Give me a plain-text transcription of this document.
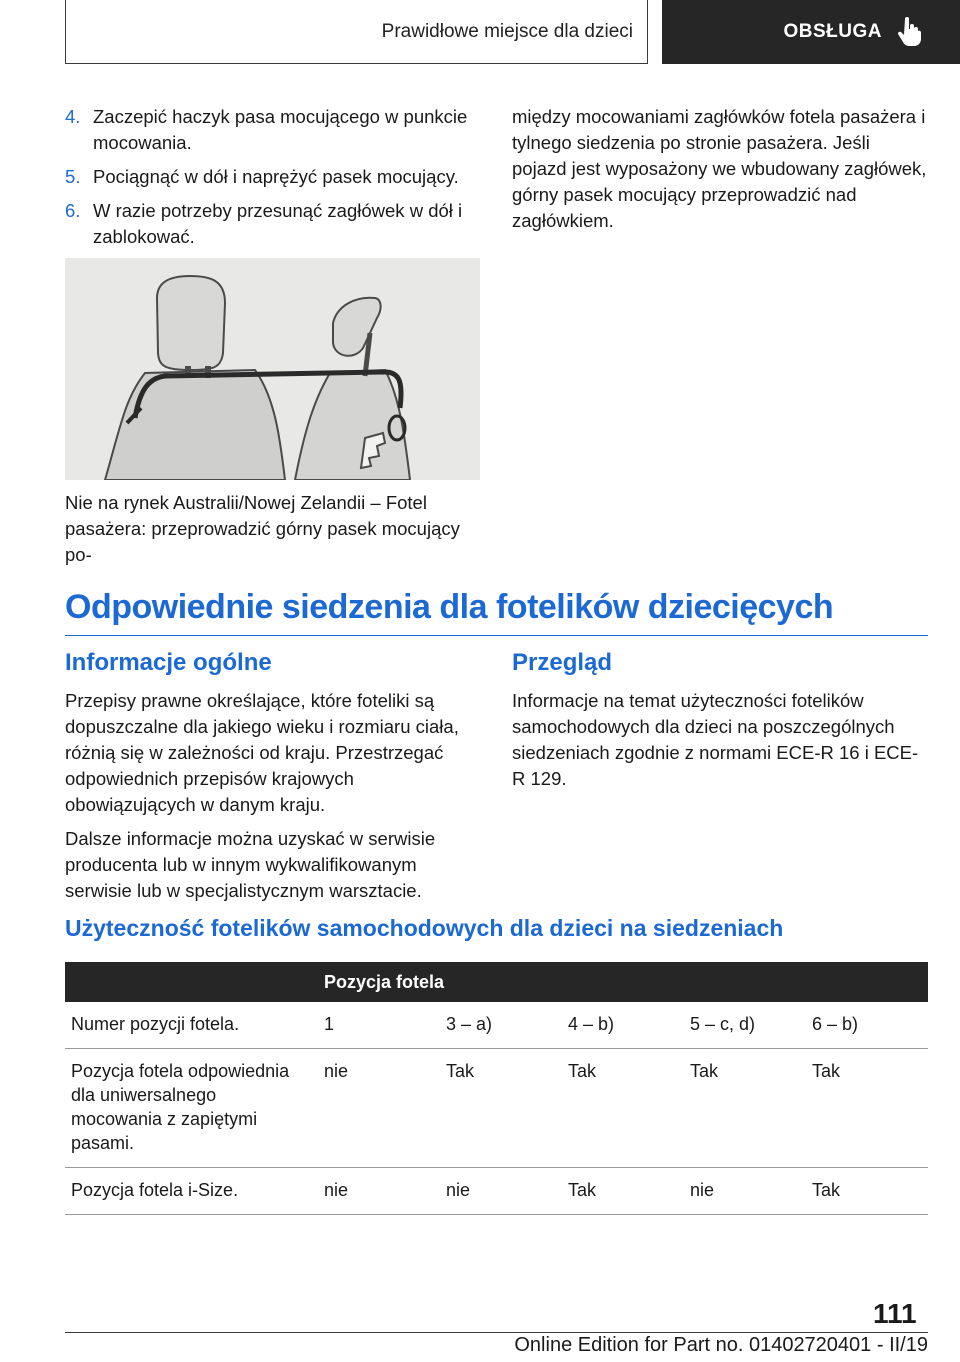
Prawidłowe miejsce dla dzieci	OBSŁUGA
4. Zaczepić haczyk pasa mocującego w punkcie mocowania.
5. Pociągnąć w dół i naprężyć pasek mocujący.
6. W razie potrzeby przesunąć zagłówek w dół i zablokować.
Nie na rynek Australii/Nowej Zelandii – Fotel pasażera: przeprowadzić górny pasek mocujący po-
między mocowaniami zagłówków fotela pasażera i tylnego siedzenia po stronie pasażera. Jeśli pojazd jest wyposażony we wbudowany zagłówek, górny pasek mocujący przeprowadzić nad zagłówkiem.
Odpowiednie siedzenia dla fotelików dziecięcych
Informacje ogólne

Przepisy prawne określające, które foteliki są dopuszczalne dla jakiego wieku i rozmiaru ciała, różnią się w zależności od kraju. Przestrzegać odpowiednich przepisów krajowych obowiązujących w danym kraju.

Dalsze informacje można uzyskać w serwisie producenta lub w innym wykwalifikowanym serwisie lub w specjalistycznym warsztacie.

Przegląd

Informacje na temat użyteczności fotelików samochodowych dla dzieci na poszczególnych siedzeniach zgodnie z normami ECE-R 16 i ECE-R 129.

Użyteczność fotelików samochodowych dla dzieci na siedzeniach
	Pozycja fotela				
Numer pozycji fotela.	1	3 – a)	4 – b)	5 – c, d)	6 – b)
Pozycja fotela odpowiednia dla uniwersalnego mocowania z zapiętymi pasami.	nie	Tak	Tak	Tak	Tak
Pozycja fotela i-Size.	nie	nie	Tak	nie	Tak
111
Online Edition for Part no. 01402720401 - II/19
